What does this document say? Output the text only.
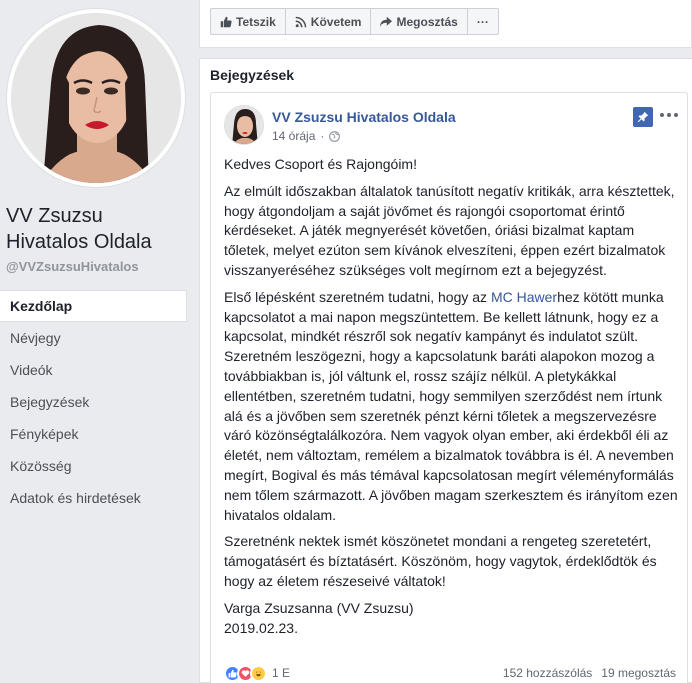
VV Zsuzsu Hivatalos Oldala
@VVZsuzsuHivatalos
Kezdőlap
Névjegy
Videók
Bejegyzések
Fényképek
Közösség
Adatok és hirdetések
Tetszik	Követem	Megosztás ···
Bejegyzések
VV Zsuzsu Hivatalos Oldala
14 órája ·

Kedves Csoport és Rajongóim!

Az elmúlt időszakban általatok tanúsított negatív kritikák, arra késztettek, hogy átgondoljam a saját jövőmet és rajongói csoportomat érintő kérdéseket. A játék megnyerését követően, óriási bizalmat kaptam tőletek, melyet ezúton sem kívánok elveszíteni, éppen ezért bizalmatok visszanyeréséhez szükséges volt megírnom ezt a bejegyzést.

Első lépésként szeretném tudatni, hogy az MC Hawerhez kötött munka kapcsolatot a mai napon megszüntettem. Be kellett látnunk, hogy ez a kapcsolat, mindkét részről sok negatív kampányt és indulatot szült. Szeretném leszögezni, hogy a kapcsolatunk baráti alapokon mozog a továbbiakban is, jól váltunk el, rossz szájíz nélkül. A pletykákkal ellentétben, szeretném tudatni, hogy semmilyen szerződést nem írtunk alá és a jövőben sem szeretnék pénzt kérni tőletek a megszervezésre váró közönségtalálkozóra. Nem vagyok olyan ember, aki érdekből éli az életét, nem változtam, remélem a bizalmatok továbbra is él. A nevemben megírt, Bogival és más témával kapcsolatosan megírt véleményformálás nem tőlem származott. A jövőben magam szerkesztem és irányítom ezen hivatalos oldalam.

Szeretnénk nektek ismét köszönetet mondani a rengeteg szeretetért, támogatásért és bíztatásért. Köszönöm, hogy vagytok, érdeklődtök és hogy az életem részeseivé váltatok!

Varga Zsuzsanna (VV Zsuzsu)
2019.02.23.

1 E	152 hozzászólás 19 megosztás
